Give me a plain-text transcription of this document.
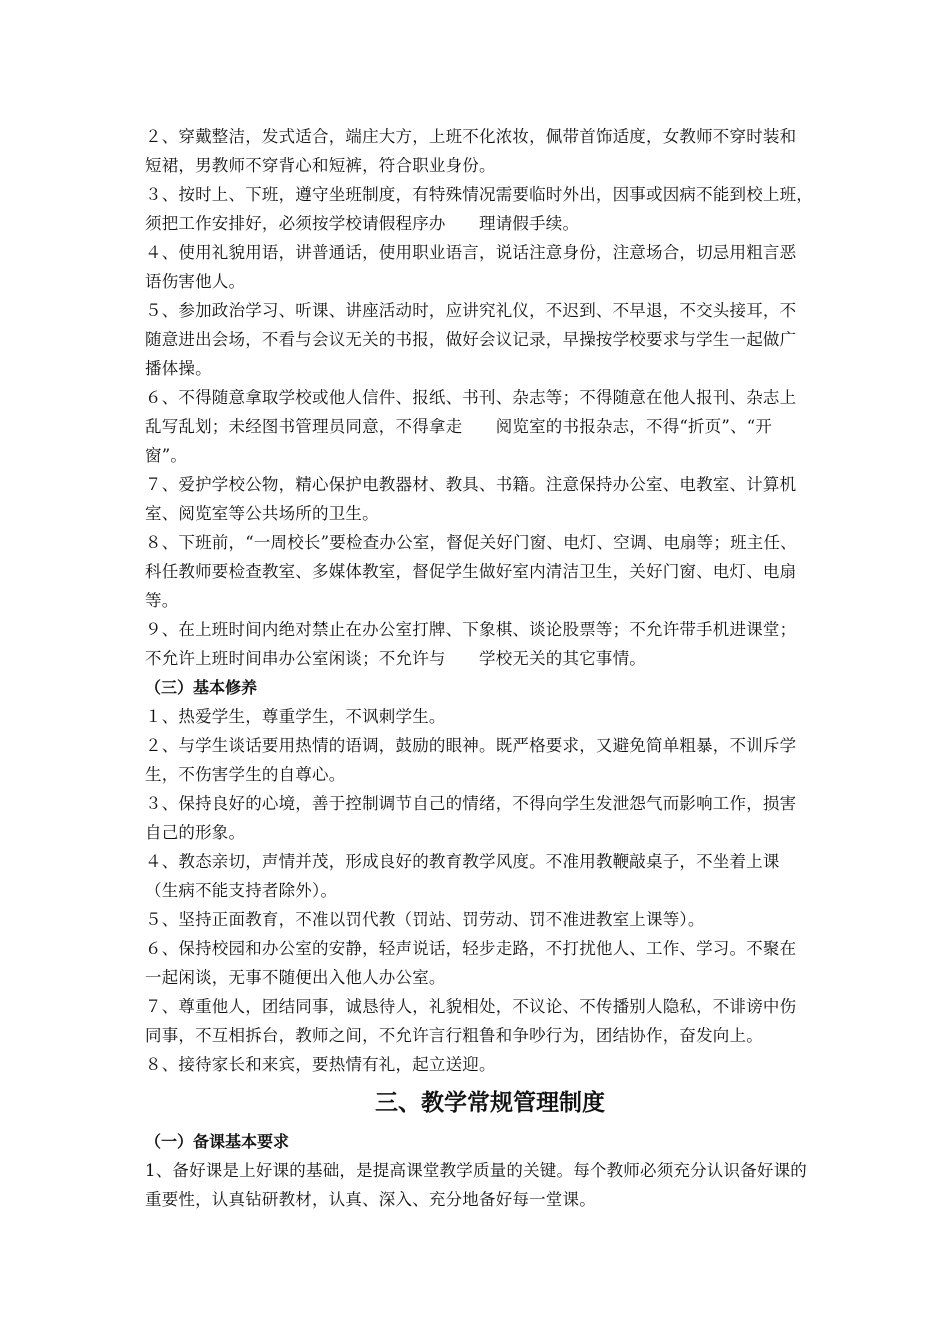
２、穿戴整洁，发式适合，端庄大方，上班不化浓妆，佩带首饰适度，女教师不穿时装和

短裙，男教师不穿背心和短裤，符合职业身份。

３、按时上、下班，遵守坐班制度，有特殊情况需要临时外出，因事或因病不能到校上班，

须把工作安排好，必须按学校请假程序办　　理请假手续。

４、使用礼貌用语，讲普通话，使用职业语言，说话注意身份，注意场合，切忌用粗言恶

语伤害他人。

５、参加政治学习、听课、讲座活动时，应讲究礼仪，不迟到、不早退，不交头接耳，不

随意进出会场，不看与会议无关的书报，做好会议记录，早操按学校要求与学生一起做广

播体操。

６、不得随意拿取学校或他人信件、报纸、书刊、杂志等；不得随意在他人报刊、杂志上

乱写乱划；未经图书管理员同意，不得拿走　　阅览室的书报杂志，不得“折页”、“开

窗”。

７、爱护学校公物，精心保护电教器材、教具、书籍。注意保持办公室、电教室、计算机

室、阅览室等公共场所的卫生。

８、下班前，“一周校长”要检查办公室，督促关好门窗、电灯、空调、电扇等；班主任、

科任教师要检查教室、多媒体教室，督促学生做好室内清洁卫生，关好门窗、电灯、电扇

等。

９、在上班时间内绝对禁止在办公室打牌、下象棋、谈论股票等；不允许带手机进课堂；

不允许上班时间串办公室闲谈；不允许与　　学校无关的其它事情。

（三）基本修养

１、热爱学生，尊重学生，不讽刺学生。

２、与学生谈话要用热情的语调，鼓励的眼神。既严格要求，又避免简单粗暴，不训斥学

生，不伤害学生的自尊心。

３、保持良好的心境，善于控制调节自己的情绪，不得向学生发泄怨气而影响工作，损害

自己的形象。

４、教态亲切，声情并茂，形成良好的教育教学风度。不准用教鞭敲桌子，不坐着上课

（生病不能支持者除外）。

５、坚持正面教育，不准以罚代教（罚站、罚劳动、罚不准进教室上课等）。

６、保持校园和办公室的安静，轻声说话，轻步走路，不打扰他人、工作、学习。不聚在

一起闲谈，无事不随便出入他人办公室。

７、尊重他人，团结同事，诚恳待人，礼貌相处，不议论、不传播别人隐私，不诽谤中伤

同事，不互相拆台，教师之间，不允许言行粗鲁和争吵行为，团结协作，奋发向上。

８、接待家长和来宾，要热情有礼，起立送迎。

三、教学常规管理制度

（一）备课基本要求

1、备好课是上好课的基础，是提高课堂教学质量的关键。每个教师必须充分认识备好课的

重要性，认真钻研教材，认真、深入、充分地备好每一堂课。
